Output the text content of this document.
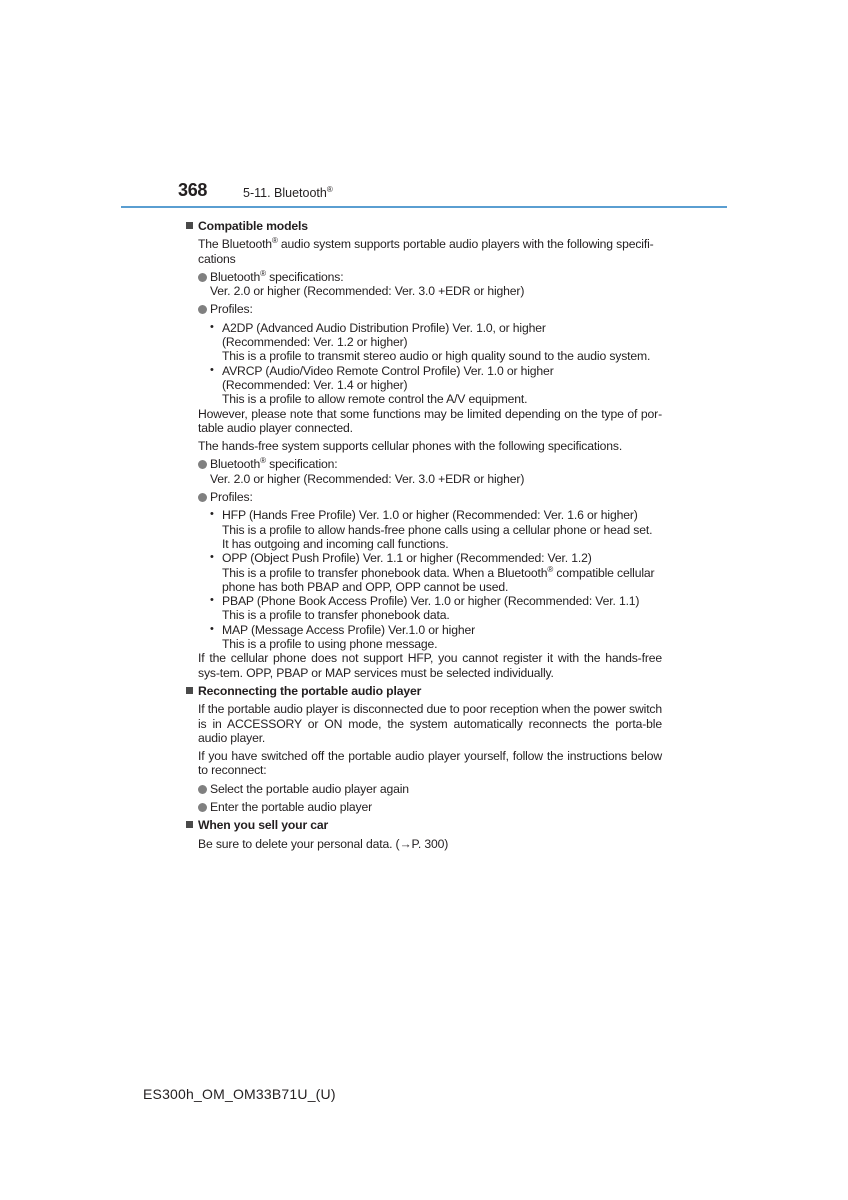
368	5-11. Bluetooth®
Compatible models
The Bluetooth® audio system supports portable audio players with the following specifi-cations
Bluetooth® specifications:
Ver. 2.0 or higher (Recommended: Ver. 3.0 +EDR or higher)
Profiles:
• A2DP (Advanced Audio Distribution Profile) Ver. 1.0, or higher
(Recommended: Ver. 1.2 or higher)
This is a profile to transmit stereo audio or high quality sound to the audio system.
• AVRCP (Audio/Video Remote Control Profile) Ver. 1.0 or higher
(Recommended: Ver. 1.4 or higher)
This is a profile to allow remote control the A/V equipment.
However, please note that some functions may be limited depending on the type of por-table audio player connected.
The hands-free system supports cellular phones with the following specifications.
Bluetooth® specification:
Ver. 2.0 or higher (Recommended: Ver. 3.0 +EDR or higher)
Profiles:
• HFP (Hands Free Profile) Ver. 1.0 or higher (Recommended: Ver. 1.6 or higher)
This is a profile to allow hands-free phone calls using a cellular phone or head set. It has outgoing and incoming call functions.
• OPP (Object Push Profile) Ver. 1.1 or higher (Recommended: Ver. 1.2)
This is a profile to transfer phonebook data. When a Bluetooth® compatible cellular phone has both PBAP and OPP, OPP cannot be used.
• PBAP (Phone Book Access Profile) Ver. 1.0 or higher (Recommended: Ver. 1.1)
This is a profile to transfer phonebook data.
• MAP (Message Access Profile) Ver.1.0 or higher
This is a profile to using phone message.
If the cellular phone does not support HFP, you cannot register it with the hands-free sys-tem. OPP, PBAP or MAP services must be selected individually.
Reconnecting the portable audio player
If the portable audio player is disconnected due to poor reception when the power switch is in ACCESSORY or ON mode, the system automatically reconnects the porta-ble audio player.
If you have switched off the portable audio player yourself, follow the instructions below to reconnect:
Select the portable audio player again
Enter the portable audio player
When you sell your car
Be sure to delete your personal data. (→P. 300)
ES300h_OM_OM33B71U_(U)
